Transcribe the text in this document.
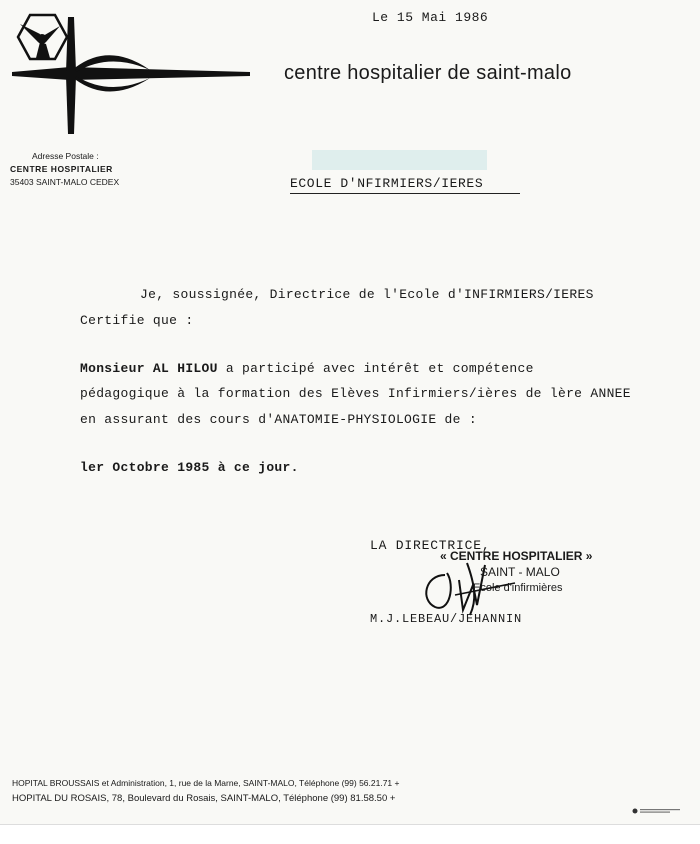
Le 15 Mai 1986
centre hospitalier de saint-malo
Adresse Postale :
CENTRE HOSPITALIER
35403 SAINT-MALO CEDEX	ECOLE D'NFIRMIERS/IERES
Je, soussignée, Directrice de l'Ecole d'INFIRMIERS/IERES
Certifie que :
Monsieur AL HILOU a participé avec intérêt et compétence
pédagogique à la formation des Elèves Infirmiers/ières de lère ANNEE
en assurant des cours d'ANATOMIE-PHYSIOLOGIE de :
ler Octobre 1985 à ce jour.
LA DIRECTRICE,
« CENTRE HOSPITALIER »
SAINT - MALO
Ecole d'infirmières
M.J.LEBEAU/JEHANNIN
HOPITAL BROUSSAIS et Administration, 1, rue de la Marne, SAINT-MALO, Téléphone (99) 56.21.71 +
HOPITAL DU ROSAIS, 78, Boulevard du Rosais, SAINT-MALO, Téléphone (99) 81.58.50 +
